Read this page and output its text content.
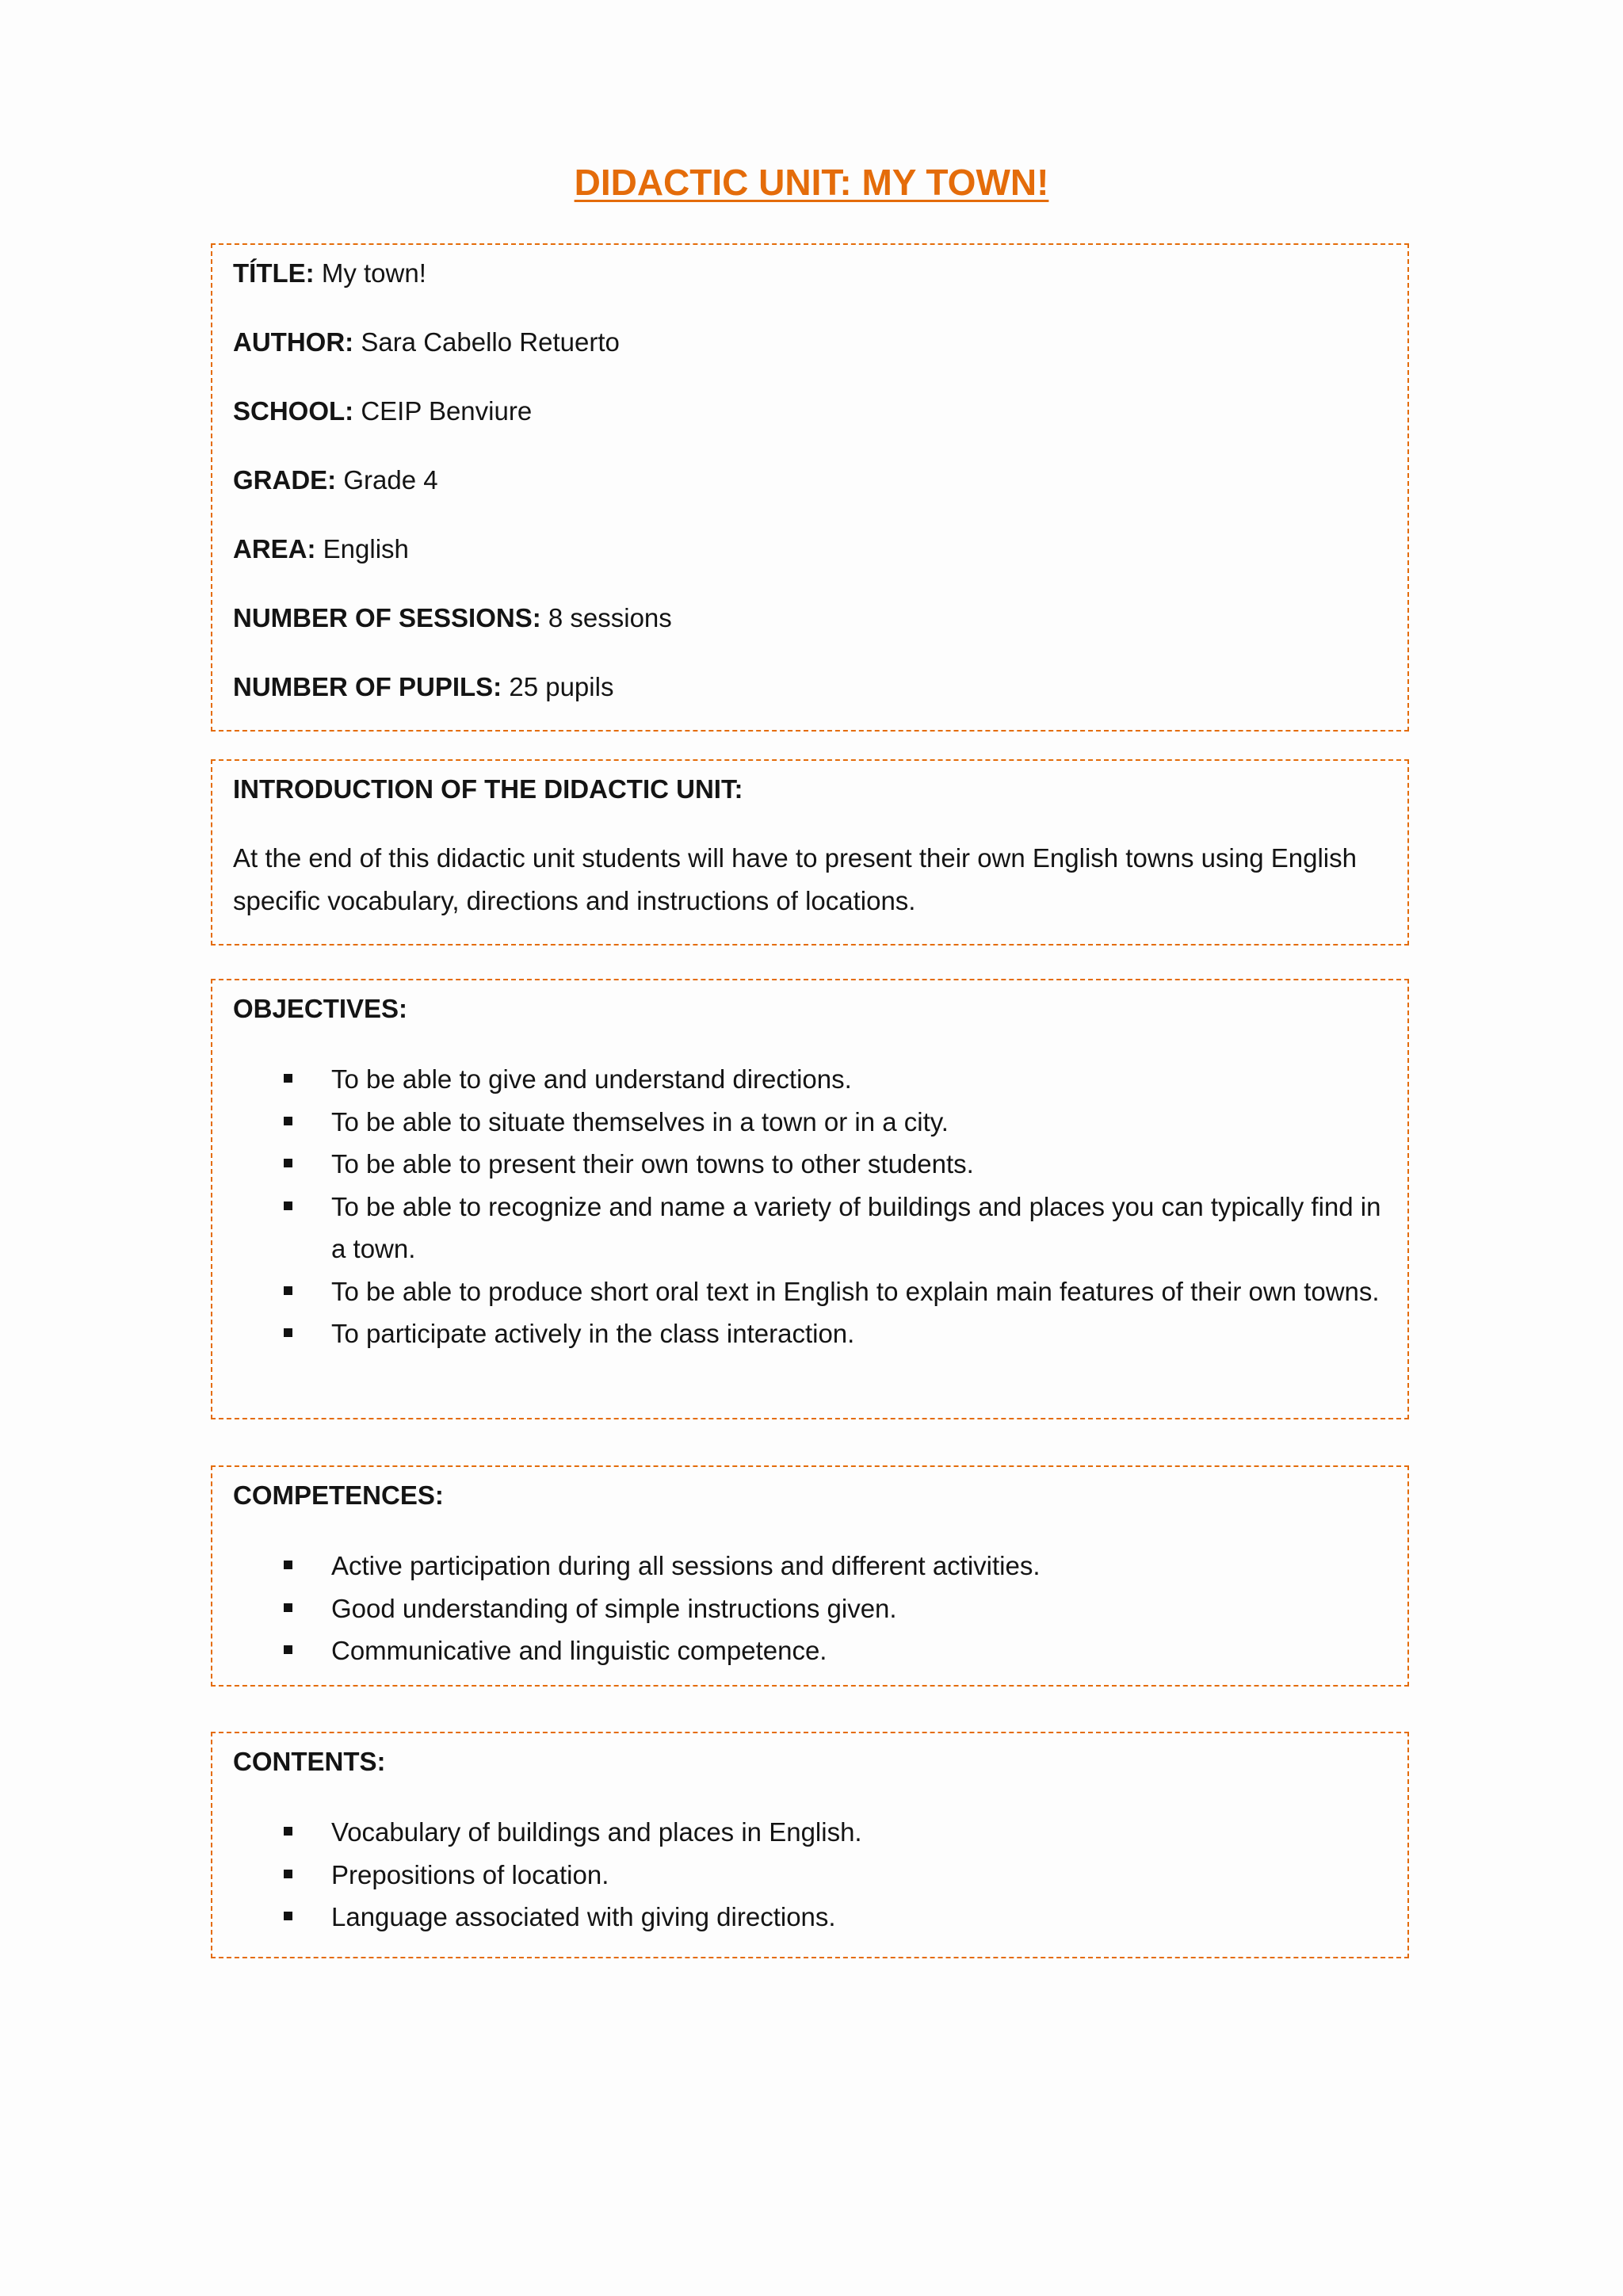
DIDACTIC UNIT: MY TOWN!
TÍTLE: My town!
AUTHOR: Sara Cabello Retuerto
SCHOOL: CEIP Benviure
GRADE: Grade 4
AREA: English
NUMBER OF SESSIONS: 8 sessions
NUMBER OF PUPILS: 25 pupils
INTRODUCTION OF THE DIDACTIC UNIT:
At the end of this didactic unit students will have to present their own English towns using English specific vocabulary, directions and instructions of locations.
OBJECTIVES:
To be able to give and understand directions.
To be able to situate themselves in a town or in a city.
To be able to present their own towns to other students.
To be able to recognize and name a variety of buildings and places you can typically find in a town.
To be able to produce short oral text in English to explain main features of their own towns.
To participate actively in the class interaction.
COMPETENCES:
Active participation during all sessions and different activities.
Good understanding of simple instructions given.
Communicative and linguistic competence.
CONTENTS:
Vocabulary of buildings and places in English.
Prepositions of location.
Language associated with giving directions.
